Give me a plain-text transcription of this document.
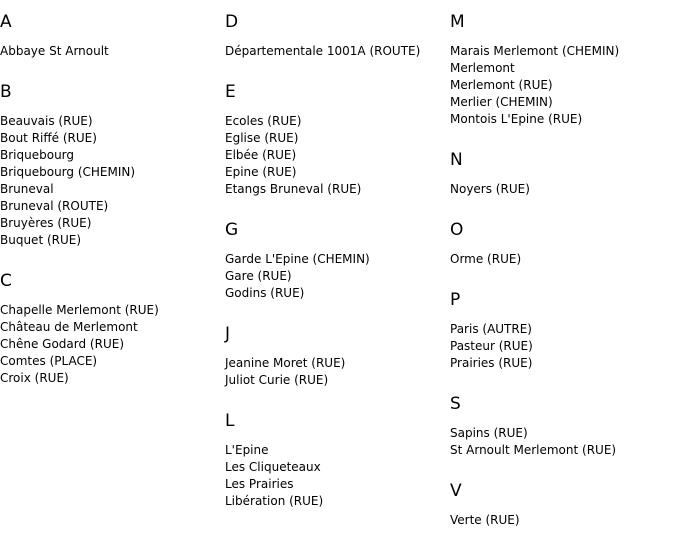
A
Abbaye St Arnoult
B
Beauvais (RUE)
Bout Riffé (RUE)
Briquebourg
Briquebourg (CHEMIN)
Bruneval
Bruneval (ROUTE)
Bruyères (RUE)
Buquet (RUE)
C
Chapelle Merlemont (RUE)
Château de Merlemont
Chêne Godard (RUE)
Comtes (PLACE)
Croix (RUE)
D
Départementale 1001A (ROUTE)
E
Ecoles (RUE)
Eglise (RUE)
Elbée (RUE)
Epine (RUE)
Etangs Bruneval (RUE)
G
Garde L'Epine (CHEMIN)
Gare (RUE)
Godins (RUE)
J
Jeanine Moret (RUE)
Juliot Curie (RUE)
L
L'Epine
Les Cliqueteaux
Les Prairies
Libération (RUE)
M
Marais Merlemont (CHEMIN)
Merlemont
Merlemont (RUE)
Merlier (CHEMIN)
Montois L'Epine (RUE)
N
Noyers (RUE)
O
Orme (RUE)
P
Paris (AUTRE)
Pasteur (RUE)
Prairies (RUE)
S
Sapins (RUE)
St Arnoult Merlemont (RUE)
V
Verte (RUE)
